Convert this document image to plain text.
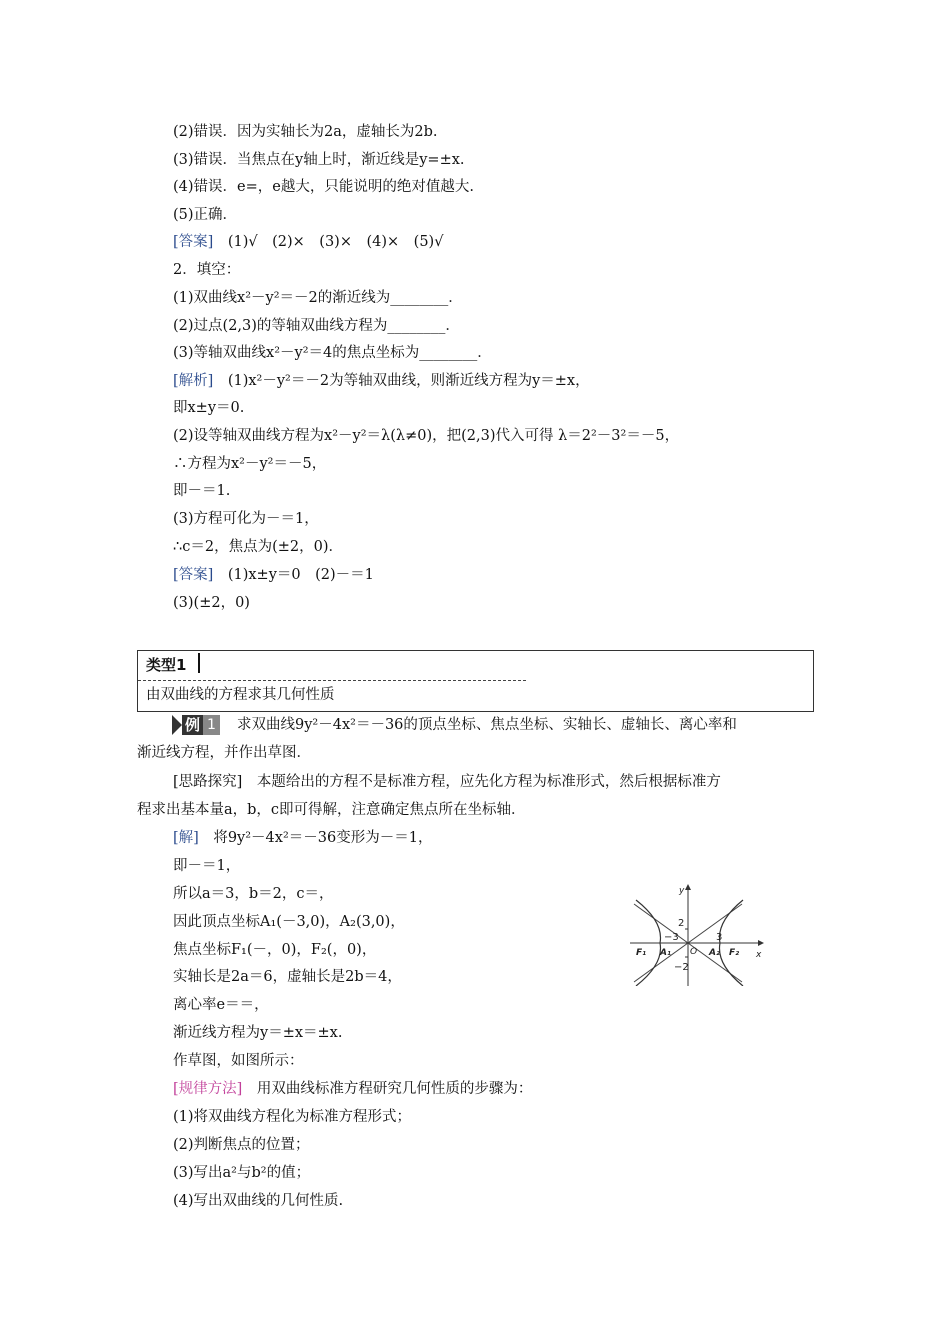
(2)错误．因为实轴长为2a，虚轴长为2b.
(3)错误．当焦点在y轴上时，渐近线是y=±x.
(4)错误．e=，e越大，只能说明的绝对值越大.
(5)正确．
[答案]　 (1)√　(2)×　(3)×　(4)×　(5)√
2．填空：
(1)双曲线x²－y²＝－2的渐近线为________．
(2)过点(2,3)的等轴双曲线方程为________．
(3)等轴双曲线x²－y²＝4的焦点坐标为________．
[解析]　 (1)x²－y²＝－2为等轴双曲线，则渐近线方程为y＝±x，
即x±y＝0.
(2)设等轴双曲线方程为x²－y²＝λ(λ≠0)，把(2,3)代入可得 λ＝2²－3²＝－5，
∴方程为x²－y²＝－5，
即－＝1.
(3)方程可化为－＝1，
∴c＝2，焦点为(±2，0)．
[答案]　 (1)x±y＝0　(2)－＝1
(3)(±2，0)
类型1
由双曲线的方程求其几何性质
例 1 求双曲线9y²－4x²＝－36的顶点坐标、焦点坐标、实轴长、虚轴长、离心率和
渐近线方程，并作出草图．
[思路探究]　 本题给出的方程不是标准方程，应先化方程为标准形式，然后根据标准方
程求出基本量a，b，c即可得解，注意确定焦点所在坐标轴．
[解]　 将9y²－4x²＝－36变形为－＝1，
即－＝1，
所以a＝3，b＝2，c＝，
因此顶点坐标A₁(－3,0)，A₂(3,0)，
焦点坐标F₁(－，0)，F₂(，0)，
实轴长是2a＝6，虚轴长是2b＝4，
离心率e＝＝，
渐近线方程为y＝±x＝±x.
作草图，如图所示：
y
x
2
−3	3
−2
O
F₁ A₁	A₂ F₂
[规律方法]　 用双曲线标准方程研究几何性质的步骤为：
(1)将双曲线方程化为标准方程形式；
(2)判断焦点的位置；
(3)写出a²与b²的值；
(4)写出双曲线的几何性质.
